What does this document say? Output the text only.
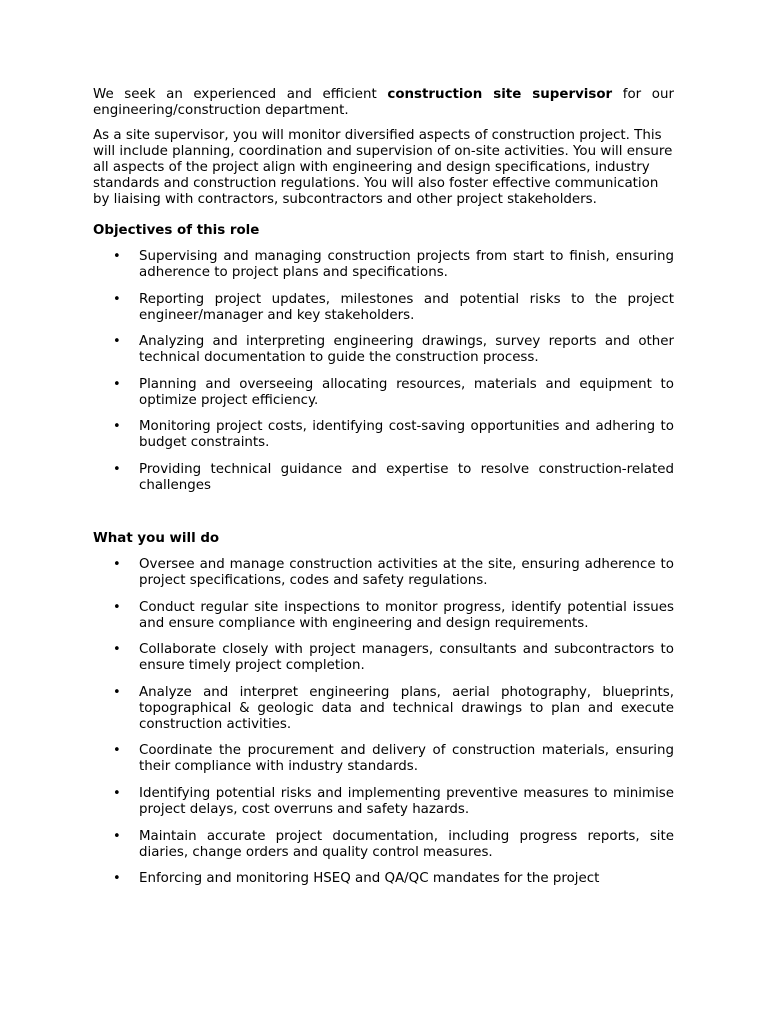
We seek an experienced and efficient construction site supervisor for our engineering/construction department.

As a site supervisor, you will monitor diversified aspects of construction project. This will include planning, coordination and supervision of on-site activities. You will ensure all aspects of the project align with engineering and design specifications, industry standards and construction regulations. You will also foster effective communication by liaising with contractors, subcontractors and other project stakeholders.

Objectives of this role
• Supervising and managing construction projects from start to finish, ensuring adherence to project plans and specifications.
• Reporting project updates, milestones and potential risks to the project engineer/manager and key stakeholders.
• Analyzing and interpreting engineering drawings, survey reports and other technical documentation to guide the construction process.
• Planning and overseeing allocating resources, materials and equipment to optimize project efficiency.
• Monitoring project costs, identifying cost-saving opportunities and adhering to budget constraints.
• Providing technical guidance and expertise to resolve construction-related challenges
What you will do
• Oversee and manage construction activities at the site, ensuring adherence to project specifications, codes and safety regulations.
• Conduct regular site inspections to monitor progress, identify potential issues and ensure compliance with engineering and design requirements.
• Collaborate closely with project managers, consultants and subcontractors to ensure timely project completion.
• Analyze and interpret engineering plans, aerial photography, blueprints, topographical & geologic data and technical drawings to plan and execute construction activities.
• Coordinate the procurement and delivery of construction materials, ensuring their compliance with industry standards.
• Identifying potential risks and implementing preventive measures to minimise project delays, cost overruns and safety hazards.
• Maintain accurate project documentation, including progress reports, site diaries, change orders and quality control measures.
• Enforcing and monitoring HSEQ and QA/QC mandates for the project
